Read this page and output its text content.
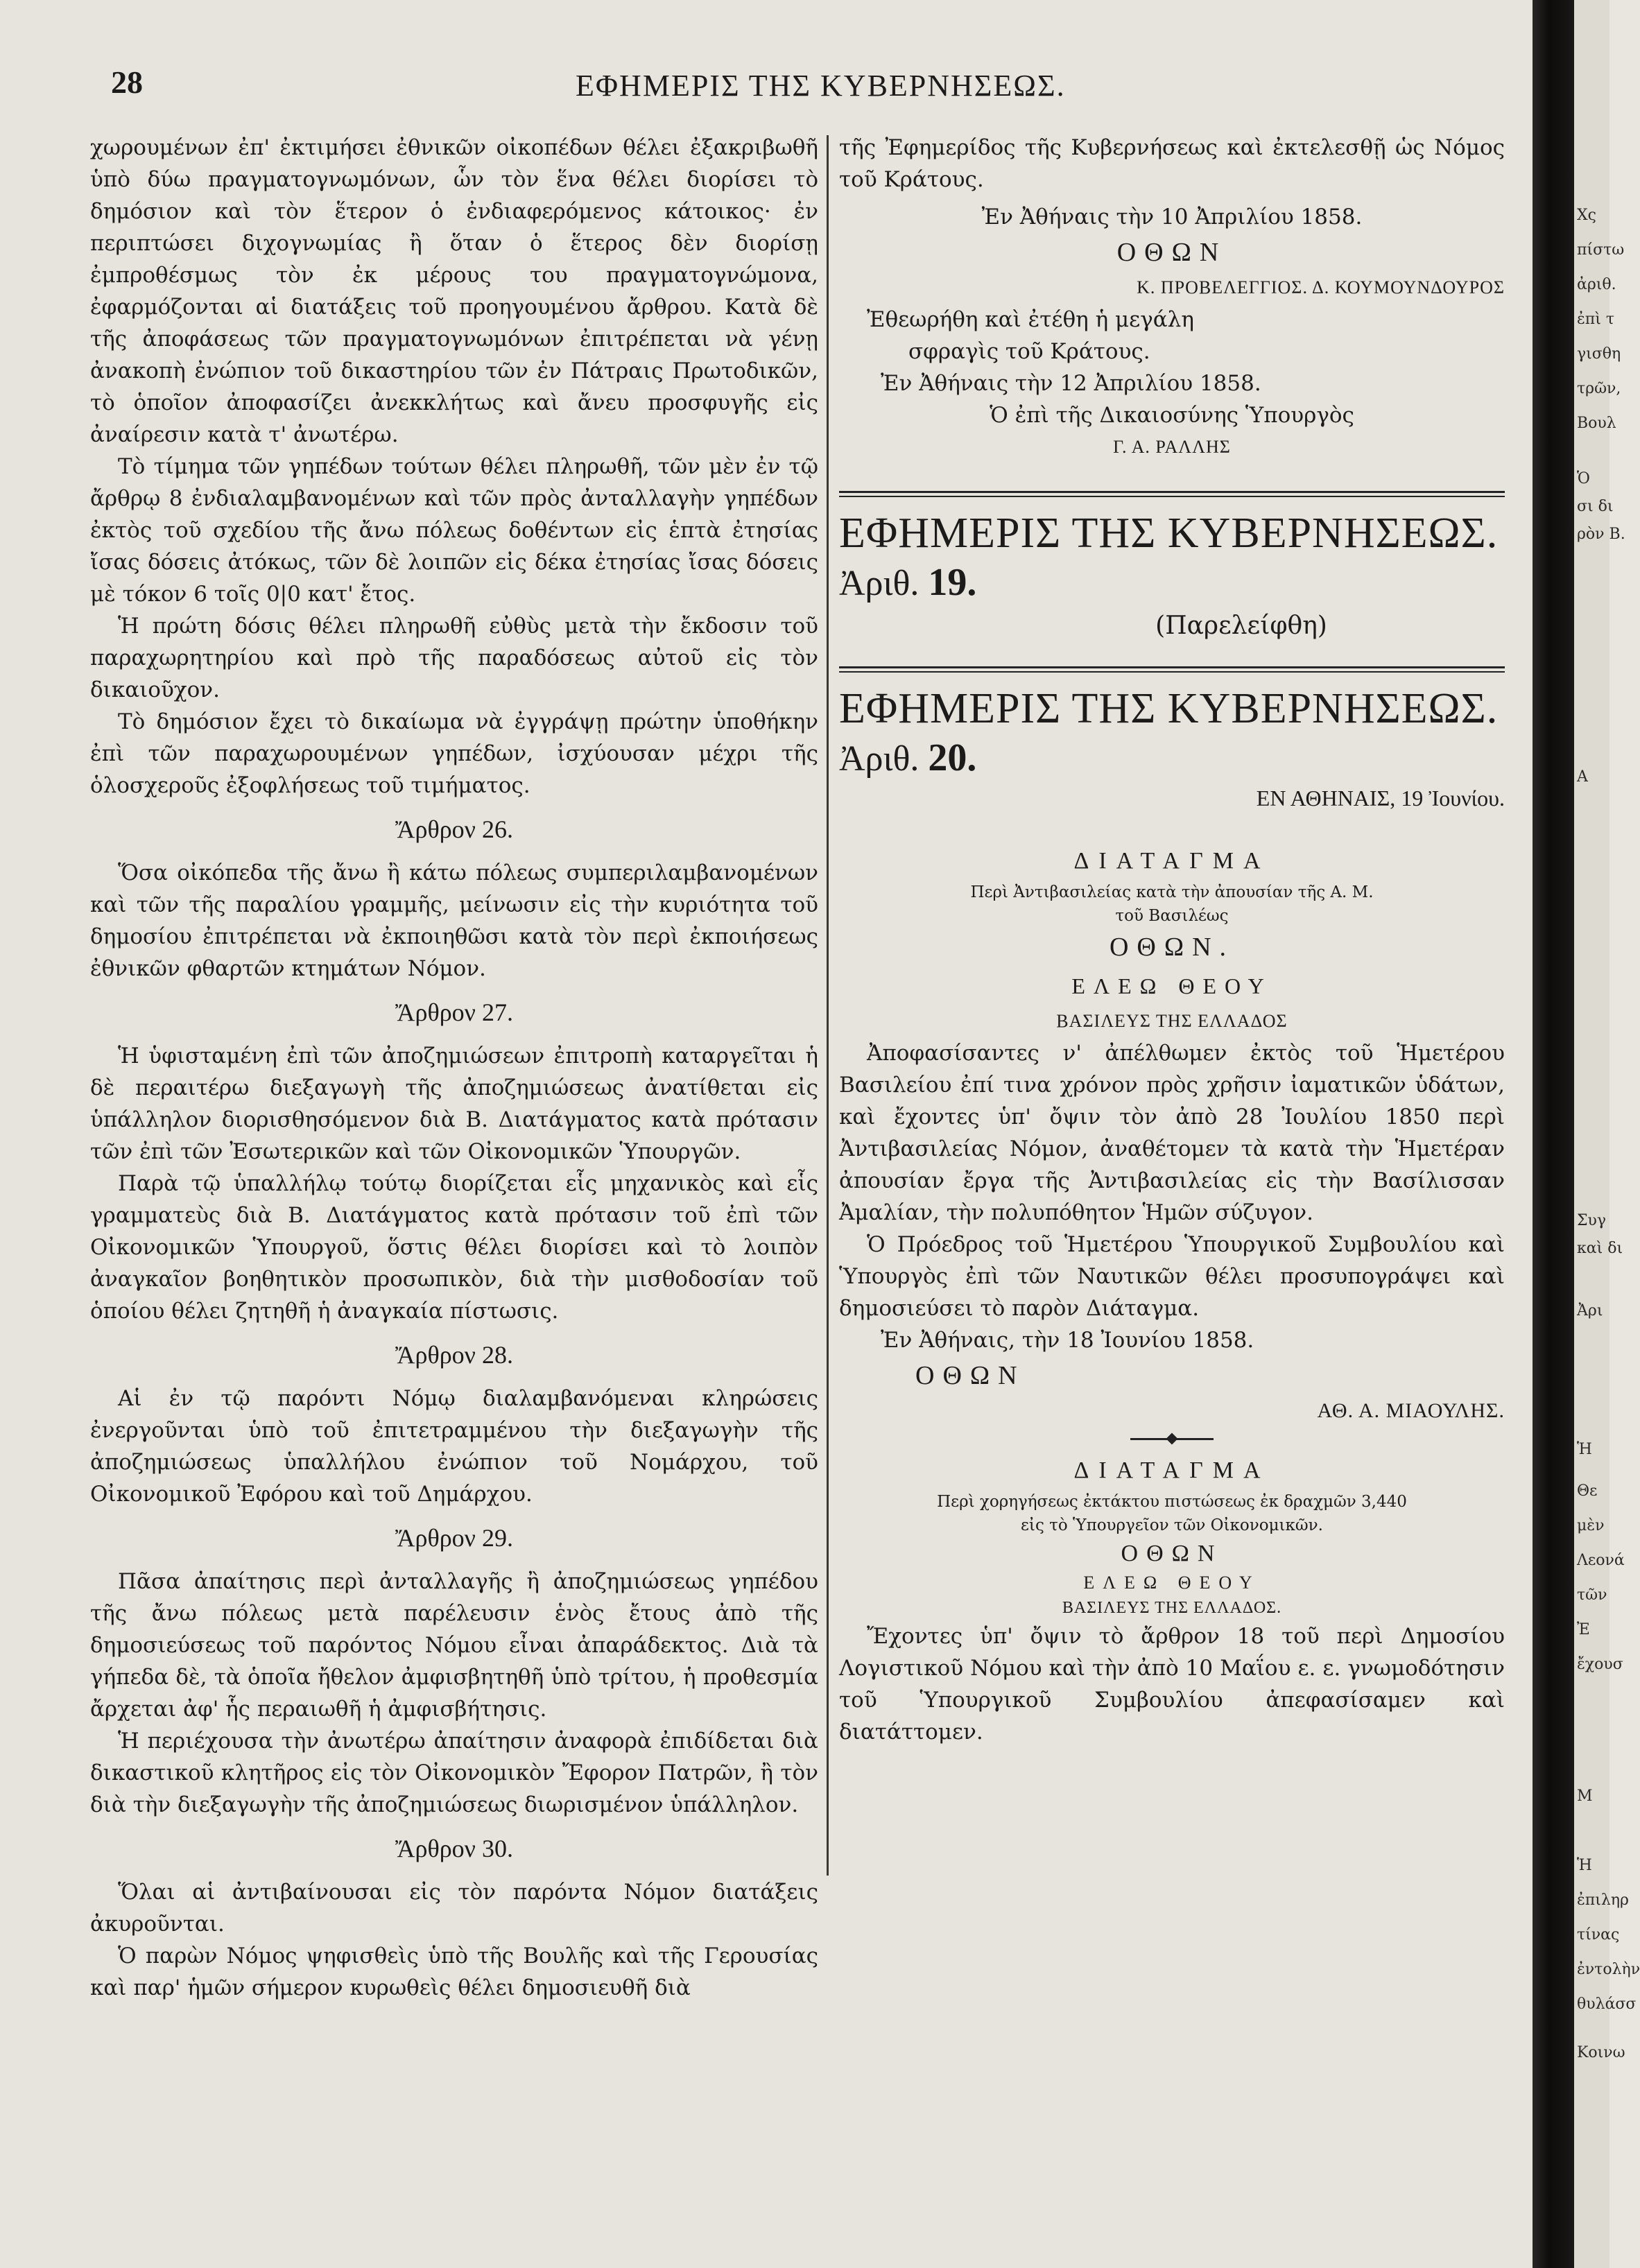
28	ΕΦΗΜΕΡΙΣ ΤΗΣ ΚΥΒΕΡΝΗΣΕΩΣ.

χωρουμένων ἐπ' ἐκτιμήσει ἐθνικῶν οἰκοπέδων θέλει ἐξακριβωθῆ ὑπὸ δύω πραγματογνωμόνων, ὧν τὸν ἕνα θέλει διορίσει τὸ δημόσιον καὶ τὸν ἕτερον ὁ ἐνδιαφερόμενος κάτοικος· ἐν περιπτώσει διχογνωμίας ἢ ὅταν ὁ ἕτερος δὲν διορίσῃ ἐμπροθέσμως τὸν ἐκ μέρους του πραγματογνώμονα, ἐφαρμόζονται αἱ διατάξεις τοῦ προηγουμένου ἄρθρου. Κατὰ δὲ τῆς ἀποφάσεως τῶν πραγματογνωμόνων ἐπιτρέπεται νὰ γένῃ ἀνακοπὴ ἐνώπιον τοῦ δικαστηρίου τῶν ἐν Πάτραις Πρωτοδικῶν, τὸ ὁποῖον ἀποφασίζει ἀνεκκλήτως καὶ ἄνευ προσφυγῆς εἰς ἀναίρεσιν κατὰ τ' ἀνωτέρω.

Τὸ τίμημα τῶν γηπέδων τούτων θέλει πληρωθῆ, τῶν μὲν ἐν τῷ ἄρθρῳ 8 ἐνδιαλαμβανομένων καὶ τῶν πρὸς ἀνταλλαγὴν γηπέδων ἐκτὸς τοῦ σχεδίου τῆς ἄνω πόλεως δοθέντων εἰς ἑπτὰ ἐτησίας ἴσας δόσεις ἀτόκως, τῶν δὲ λοιπῶν εἰς δέκα ἐτησίας ἴσας δόσεις μὲ τόκον 6 τοῖς 0|0 κατ' ἔτος.

Ἡ πρώτη δόσις θέλει πληρωθῆ εὐθὺς μετὰ τὴν ἔκδοσιν τοῦ παραχωρητηρίου καὶ πρὸ τῆς παραδόσεως αὐτοῦ εἰς τὸν δικαιοῦχον.

Τὸ δημόσιον ἔχει τὸ δικαίωμα νὰ ἐγγράψῃ πρώτην ὑποθήκην ἐπὶ τῶν παραχωρουμένων γηπέδων, ἰσχύουσαν μέχρι τῆς ὁλοσχεροῦς ἐξοφλήσεως τοῦ τιμήματος.

Ἄρθρον 26.

Ὅσα οἰκόπεδα τῆς ἄνω ἢ κάτω πόλεως συμπεριλαμβανομένων καὶ τῶν τῆς παραλίου γραμμῆς, μείνωσιν εἰς τὴν κυριότητα τοῦ δημοσίου ἐπιτρέπεται νὰ ἐκποιηθῶσι κατὰ τὸν περὶ ἐκποιήσεως ἐθνικῶν φθαρτῶν κτημάτων Νόμον.

Ἄρθρον 27.

Ἡ ὑφισταμένη ἐπὶ τῶν ἀποζημιώσεων ἐπιτροπὴ καταργεῖται ἡ δὲ περαιτέρω διεξαγωγὴ τῆς ἀποζημιώσεως ἀνατίθεται εἰς ὑπάλληλον διορισθησόμενον διὰ Β. Διατάγματος κατὰ πρότασιν τῶν ἐπὶ τῶν Ἐσωτερικῶν καὶ τῶν Οἰκονομικῶν Ὑπουργῶν.

Παρὰ τῷ ὑπαλλήλῳ τούτῳ διορίζεται εἷς μηχανικὸς καὶ εἷς γραμματεὺς διὰ Β. Διατάγματος κατὰ πρότασιν τοῦ ἐπὶ τῶν Οἰκονομικῶν Ὑπουργοῦ, ὅστις θέλει διορίσει καὶ τὸ λοιπὸν ἀναγκαῖον βοηθητικὸν προσωπικὸν, διὰ τὴν μισθοδοσίαν τοῦ ὁποίου θέλει ζητηθῆ ἡ ἀναγκαία πίστωσις.

Ἄρθρον 28.

Αἱ ἐν τῷ παρόντι Νόμῳ διαλαμβανόμεναι κληρώσεις ἐνεργοῦνται ὑπὸ τοῦ ἐπιτετραμμένου τὴν διεξαγωγὴν τῆς ἀποζημιώσεως ὑπαλλήλου ἐνώπιον τοῦ Νομάρχου, τοῦ Οἰκονομικοῦ Ἐφόρου καὶ τοῦ Δημάρχου.

Ἄρθρον 29.

Πᾶσα ἀπαίτησις περὶ ἀνταλλαγῆς ἢ ἀποζημιώσεως γηπέδου τῆς ἄνω πόλεως μετὰ παρέλευσιν ἑνὸς ἔτους ἀπὸ τῆς δημοσιεύσεως τοῦ παρόντος Νόμου εἶναι ἀπαράδεκτος. Διὰ τὰ γήπεδα δὲ, τὰ ὁποῖα ἤθελον ἀμφισβητηθῆ ὑπὸ τρίτου, ἡ προθεσμία ἄρχεται ἀφ' ἧς περαιωθῆ ἡ ἀμφισβήτησις.

Ἡ περιέχουσα τὴν ἀνωτέρω ἀπαίτησιν ἀναφορὰ ἐπιδίδεται διὰ δικαστικοῦ κλητῆρος εἰς τὸν Οἰκονομικὸν Ἔφορον Πατρῶν, ἢ τὸν διὰ τὴν διεξαγωγὴν τῆς ἀποζημιώσεως διωρισμένον ὑπάλληλον.

Ἄρθρον 30.

Ὅλαι αἱ ἀντιβαίνουσαι εἰς τὸν παρόντα Νόμον διατάξεις ἀκυροῦνται.

Ὁ παρὼν Νόμος ψηφισθεὶς ὑπὸ τῆς Βουλῆς καὶ τῆς Γερουσίας καὶ παρ' ἡμῶν σήμερον κυρωθεὶς θέλει δημοσιευθῆ διὰ

τῆς Ἐφημερίδος τῆς Κυβερνήσεως καὶ ἐκτελεσθῇ ὡς Νόμος τοῦ Κράτους.

Ἐν Ἀθήναις τὴν 10 Ἀπριλίου 1858.

ΟΘΩΝ

Κ. ΠΡΟΒΕΛΕΓΓΙΟΣ. Δ. ΚΟΥΜΟΥΝΔΟΥΡΟΣ

Ἐθεωρήθη καὶ ἐτέθη ἡ μεγάλη

σφραγὶς τοῦ Κράτους.

Ἐν Ἀθήναις τὴν 12 Ἀπριλίου 1858.

Ὁ ἐπὶ τῆς Δικαιοσύνης Ὑπουργὸς

Γ. Α. ΡΑΛΛΗΣ

ΕΦΗΜΕΡΙΣ ΤΗΣ ΚΥΒΕΡΝΗΣΕΩΣ.

Ἀριθ. 19.

(Παρελείφθη)

ΕΦΗΜΕΡΙΣ ΤΗΣ ΚΥΒΕΡΝΗΣΕΩΣ.

Ἀριθ. 20.

ΕΝ ΑΘΗΝΑΙΣ, 19 Ἰουνίου.

ΔΙΑΤΑΓΜΑ

Περὶ Ἀντιβασιλείας κατὰ τὴν ἀπουσίαν τῆς Α. Μ.

τοῦ Βασιλέως

ΟΘΩΝ.

ΕΛΕΩ ΘΕΟΥ

ΒΑΣΙΛΕΥΣ ΤΗΣ ΕΛΛΑΔΟΣ

Ἀποφασίσαντες ν' ἀπέλθωμεν ἐκτὸς τοῦ Ἡμετέρου Βασιλείου ἐπί τινα χρόνον πρὸς χρῆσιν ἰαματικῶν ὑδάτων, καὶ ἔχοντες ὑπ' ὄψιν τὸν ἀπὸ 28 Ἰουλίου 1850 περὶ Ἀντιβασιλείας Νόμον, ἀναθέτομεν τὰ κατὰ τὴν Ἡμετέραν ἀπουσίαν ἔργα τῆς Ἀντιβασιλείας εἰς τὴν Βασίλισσαν Ἀμαλίαν, τὴν πολυπόθητον Ἡμῶν σύζυγον.

Ὁ Πρόεδρος τοῦ Ἡμετέρου Ὑπουργικοῦ Συμβουλίου καὶ Ὑπουργὸς ἐπὶ τῶν Ναυτικῶν θέλει προσυπογράψει καὶ δημοσιεύσει τὸ παρὸν Διάταγμα.

Ἐν Ἀθήναις, τὴν 18 Ἰουνίου 1858.

ΟΘΩΝ

ΑΘ. Α. ΜΙΑΟΥΛΗΣ.

ΔΙΑΤΑΓΜΑ

Περὶ χορηγήσεως ἐκτάκτου πιστώσεως ἐκ δραχμῶν 3,440

εἰς τὸ Ὑπουργεῖον τῶν Οἰκονομικῶν.

ΟΘΩΝ

ΕΛΕΩ ΘΕΟΥ

ΒΑΣΙΛΕΥΣ ΤΗΣ ΕΛΛΑΔΟΣ.

Ἔχοντες ὑπ' ὄψιν τὸ ἄρθρον 18 τοῦ περὶ Δημοσίου Λογιστικοῦ Νόμου καὶ τὴν ἀπὸ 10 Μαΐου ε. ε. γνωμοδότησιν τοῦ Ὑπουργικοῦ Συμβουλίου ἀπεφασίσαμεν καὶ διατάττομεν.

Χς
πίστω
ἀριθ.
ἐπὶ τ
γισθη
τρῶν,
Βουλ
Ὁ
σι δι
ρὸν Β.
Α
Συγ
καὶ δι
Ἀρι
Ἡ
Θε
μὲν
Λεονά
τῶν
Ἐ
ἔχουσ
Μ
Ἡ
ἐπιληρ
τίνας
ἐντολὴν
θυλάσσ
Κοινω
